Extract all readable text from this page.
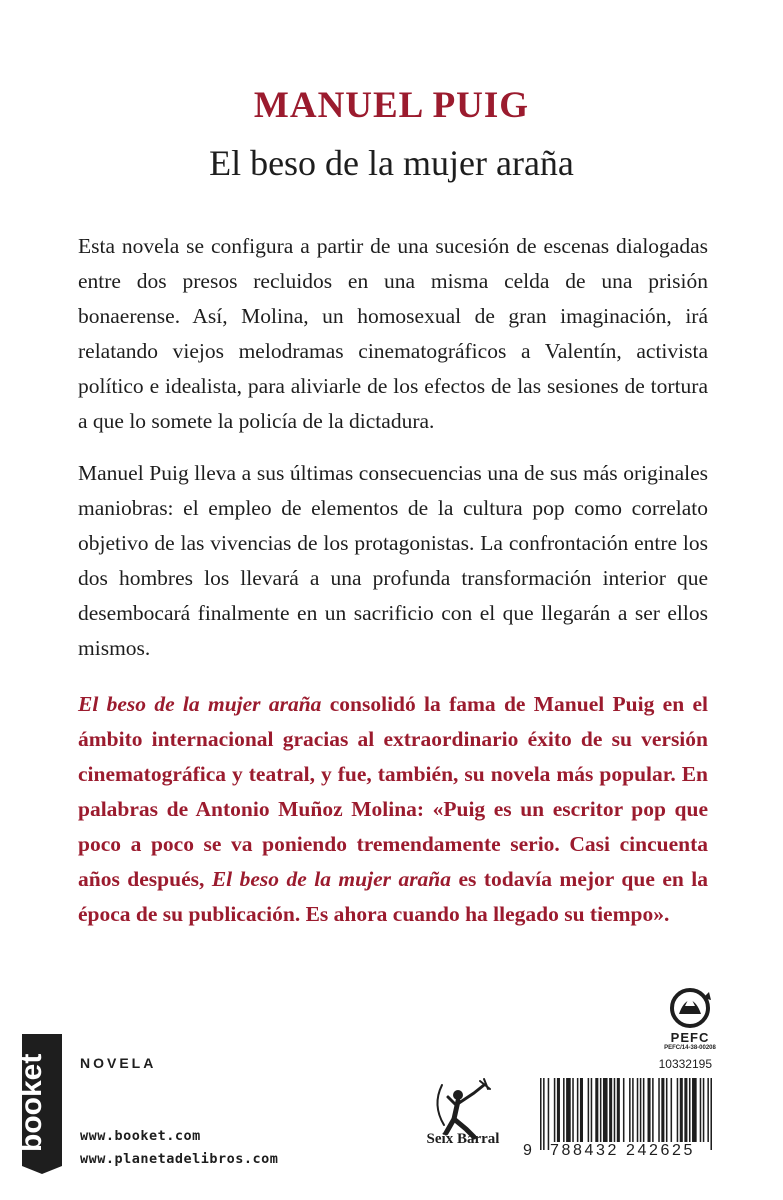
MANUEL PUIG
El beso de la mujer araña

Esta novela se configura a partir de una sucesión de escenas dialogadas entre dos presos recluidos en una misma celda de una prisión bonaerense. Así, Molina, un homosexual de gran imaginación, irá relatando viejos melodramas cinematográficos a Valentín, activista político e idealista, para aliviarle de los efectos de las sesiones de tortura a que lo somete la policía de la dictadura.

Manuel Puig lleva a sus últimas consecuencias una de sus más originales maniobras: el empleo de elementos de la cultura pop como correlato objetivo de las vivencias de los protagonistas. La confrontación entre los dos hombres los llevará a una profunda transformación interior que desembocará finalmente en un sacrificio con el que llegarán a ser ellos mismos.

El beso de la mujer araña consolidó la fama de Manuel Puig en el ámbito internacional gracias al extraordinario éxito de su versión cinematográfica y teatral, y fue, también, su novela más popular. En palabras de Antonio Muñoz Molina: «Puig es un escritor pop que poco a poco se va poniendo tremendamente serio. Casi cincuenta años después, El beso de la mujer araña es todavía mejor que en la época de su publicación. Es ahora cuando ha llegado su tiempo».

booket NOVELA
www.booket.com
www.planetadelibros.com
Seix Barral
PEFC
PEFC/14-38-00208
10332195
9 788432 242625
